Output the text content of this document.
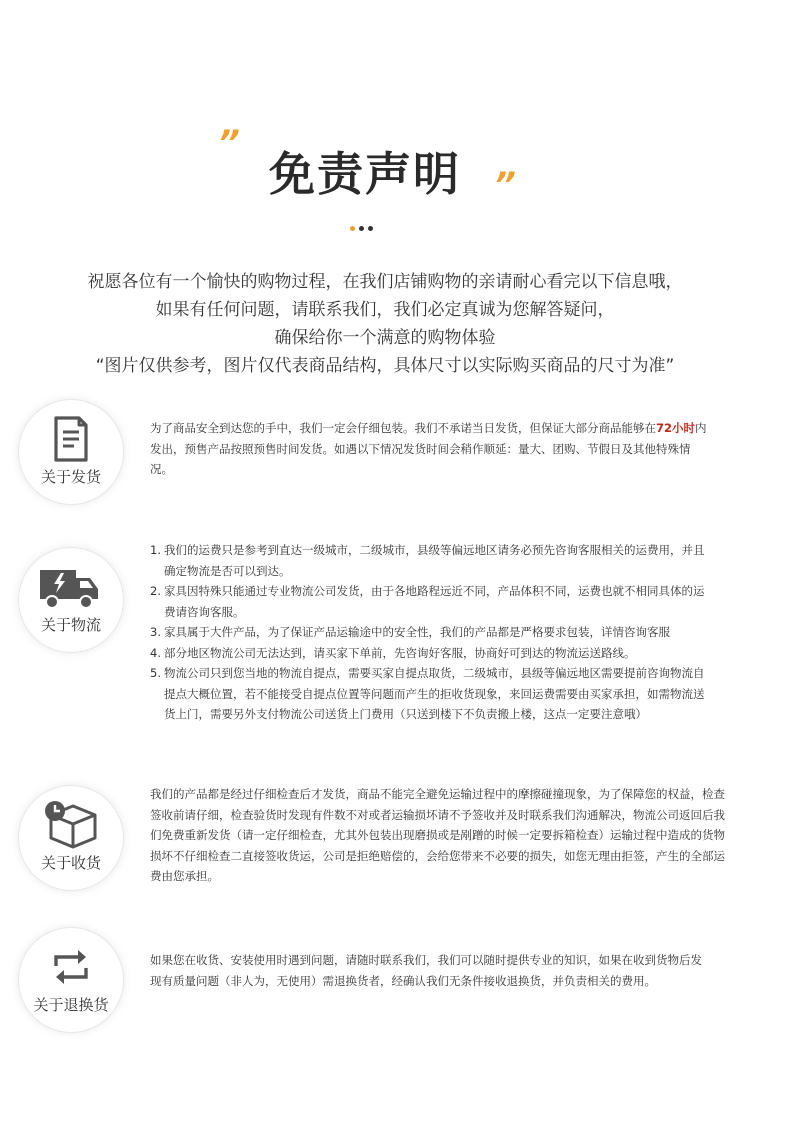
”
免责声明 ”
祝愿各位有一个愉快的购物过程，在我们店铺购物的亲请耐心看完以下信息哦，
如果有任何问题，请联系我们，我们必定真诚为您解答疑问，
确保给你一个满意的购物体验
“图片仅供参考，图片仅代表商品结构，具体尺寸以实际购买商品的尺寸为准”
关于发货
为了商品安全到达您的手中，我们一定会仔细包装。我们不承诺当日发货，但保证大部分商品能够在72小时内发出，预售产品按照预售时间发货。如遇以下情况发货时间会稍作顺延：量大、团购、节假日及其他特殊情况。
关于物流
1. 我们的运费只是参考到直达一级城市，二级城市，县级等偏远地区请务必预先咨询客服相关的运费用，并且确定物流是否可以到达。
2. 家具因特殊只能通过专业物流公司发货，由于各地路程远近不同，产品体积不同，运费也就不相同具体的运费请咨询客服。
3. 家具属于大件产品，为了保证产品运输途中的安全性，我们的产品都是严格要求包装，详情咨询客服
4. 部分地区物流公司无法达到，请买家下单前，先咨询好客服，协商好可到达的物流运送路线。
5. 物流公司只到您当地的物流自提点，需要买家自提点取货，二级城市，县级等偏远地区需要提前咨询物流自提点大概位置，若不能接受自提点位置等问题而产生的拒收货现象，来回运费需要由买家承担，如需物流送货上门，需要另外支付物流公司送货上门费用（只送到楼下不负责搬上楼，这点一定要注意哦）
关于收货
我们的产品都是经过仔细检查后才发货，商品不能完全避免运输过程中的摩擦碰撞现象，为了保障您的权益，检查签收前请仔细，检查验货时发现有件数不对或者运输损坏请不予签收并及时联系我们沟通解决，物流公司返回后我们免费重新发货（请一定仔细检查，尤其外包装出现磨损或是剐蹭的时候一定要拆箱检查）运输过程中造成的货物损坏不仔细检查二直接签收货运，公司是拒绝赔偿的，会给您带来不必要的损失，如您无理由拒签，产生的全部运费由您承担。
关于退换货
如果您在收货、安装使用时遇到问题，请随时联系我们，我们可以随时提供专业的知识，如果在收到货物后发现有质量问题（非人为，无使用）需退换货者，经确认我们无条件接收退换货，并负责相关的费用。
